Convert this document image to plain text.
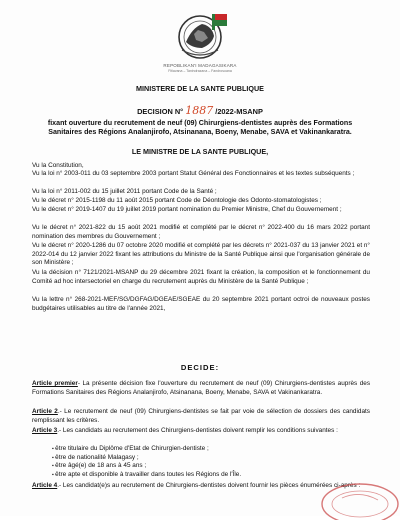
REPOBLIKAN'I MADAGASIKARA
Fitiavana – Tanindrazana – Fandrosoana
MINISTERE DE LA SANTE PUBLIQUE
DECISION N° 1887 /2022-MSANP
fixant ouverture du recrutement de neuf (09) Chirurgiens-dentistes auprès des Formations Sanitaires des Régions Analanjirofo, Atsinanana, Boeny, Menabe, SAVA et Vakinankaratra.
LE MINISTRE DE LA SANTE PUBLIQUE,
Vu la Constitution,
Vu la loi n° 2003-011 du 03 septembre 2003 portant Statut Général des Fonctionnaires et les textes subséquents ;
Vu la loi n° 2011-002 du 15 juillet 2011 portant Code de la Santé ;
Vu le décret n° 2015-1198 du 11 août 2015 portant Code de Déontologie des Odonto-stomatologistes ;
Vu le décret n° 2019-1407 du 19 juillet 2019 portant nomination du Premier Ministre, Chef du Gouvernement ;
Vu le décret n° 2021-822 du 15 août 2021 modifié et complété par le décret n° 2022-400 du 16 mars 2022 portant nomination des membres du Gouvernement ;
Vu le décret n° 2020-1286 du 07 octobre 2020 modifié et complété par les décrets n° 2021-037 du 13 janvier 2021 et n° 2022-014 du 12 janvier 2022 fixant les attributions du Ministre de la Santé Publique ainsi que l'organisation générale de son Ministère ;
Vu la décision n° 7121/2021-MSANP du 29 décembre 2021 fixant la création, la composition et le fonctionnement du Comité ad hoc intersectoriel en charge du recrutement auprès du Ministère de la Santé Publique ;
Vu la lettre n° 268-2021-MEF/SG/DGFAG/DGEAE/SGEAE du 20 septembre 2021 portant octroi de nouveaux postes budgétaires utilisables au titre de l'année 2021,
DECIDE:
Article premier- La présente décision fixe l'ouverture du recrutement de neuf (09) Chirurgiens-dentistes auprès des Formations Sanitaires des Régions Analanjirofo, Atsinanana, Boeny, Menabe, SAVA et Vakinankaratra.
Article 2.- Le recrutement de neuf (09) Chirurgiens-dentistes se fait par voie de sélection de dossiers des candidats remplissant les critères.
Article 3.- Les candidats au recrutement des Chirurgiens-dentistes doivent remplir les conditions suivantes :
▪ être titulaire du Diplôme d'Etat de Chirurgien-dentiste ;
▪ être de nationalité Malagasy ;
▪ être âgé(e) de 18 ans à 45 ans ;
▪ être apte et disponible à travailler dans toutes les Régions de l'Île.
Article 4.- Les candidat(e)s au recrutement de Chirurgiens-dentistes doivent fournir les pièces énumérées ci-après :
